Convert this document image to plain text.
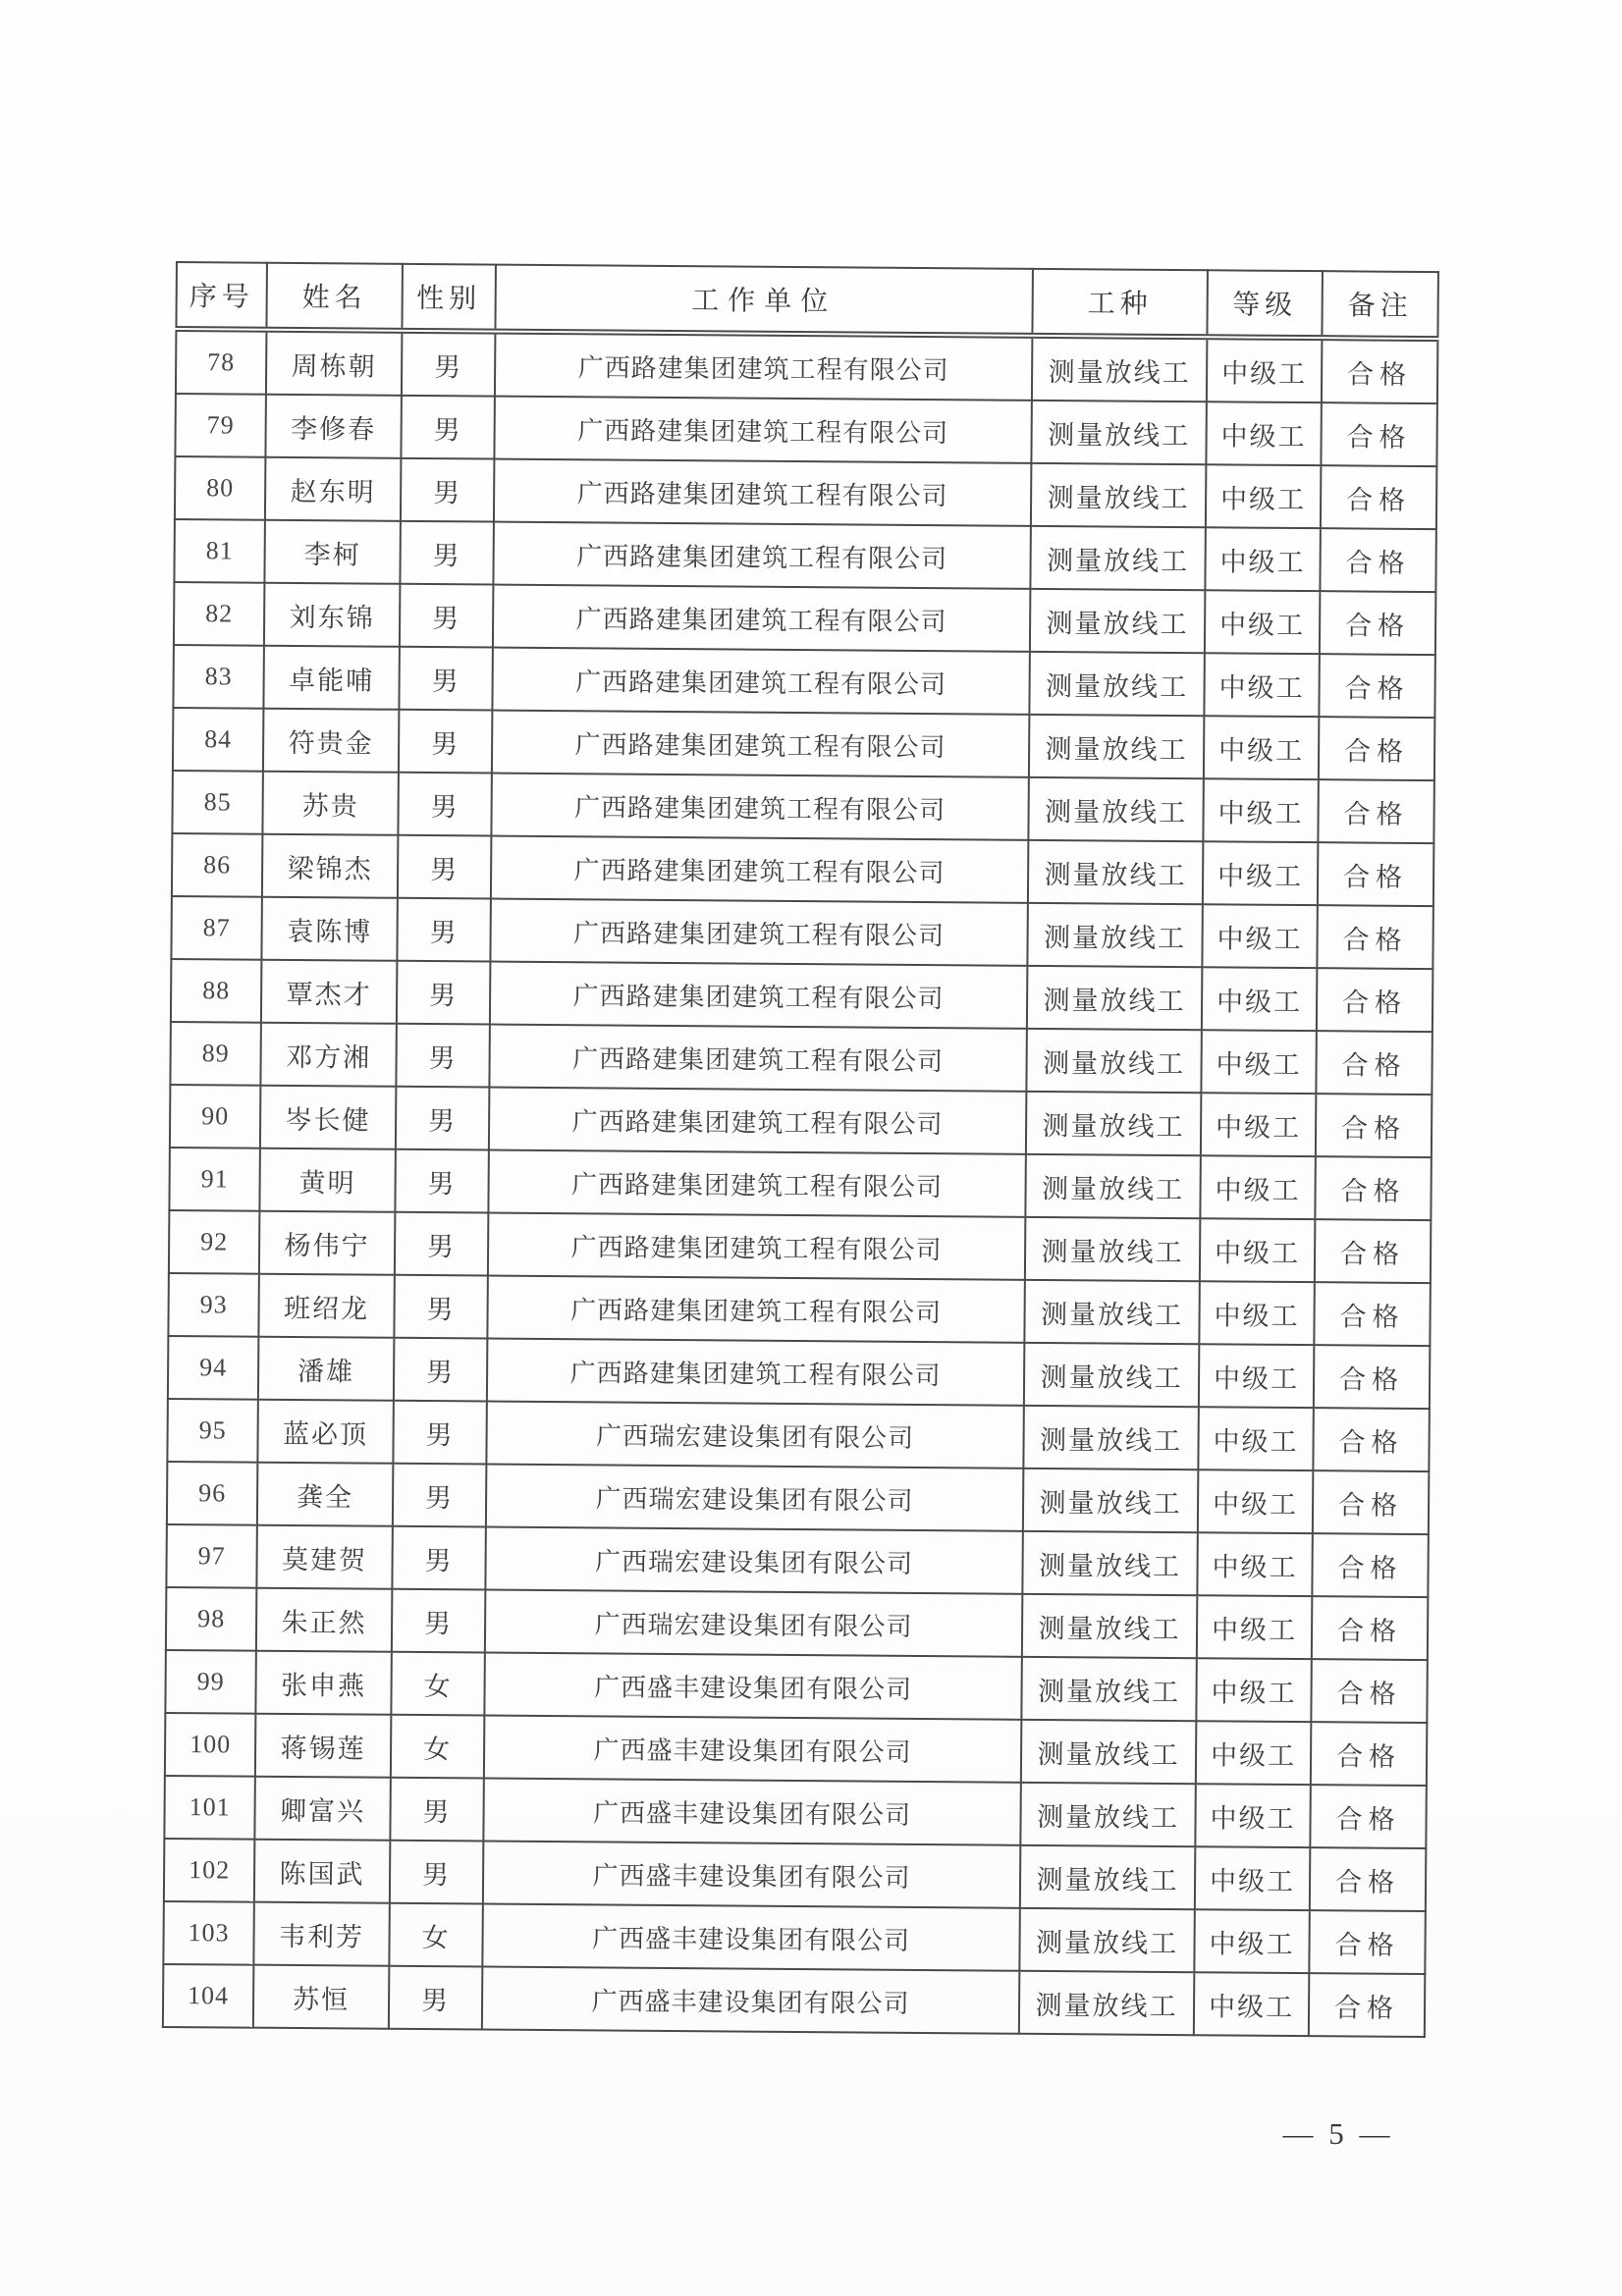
序号	姓名	性别	工作单位	工种	等级	备注
78	周栋朝	男	广西路建集团建筑工程有限公司	测量放线工	中级工	合格
79	李修春	男	广西路建集团建筑工程有限公司	测量放线工	中级工	合格
80	赵东明	男	广西路建集团建筑工程有限公司	测量放线工	中级工	合格
81	李柯	男	广西路建集团建筑工程有限公司	测量放线工	中级工	合格
82	刘东锦	男	广西路建集团建筑工程有限公司	测量放线工	中级工	合格
83	卓能哺	男	广西路建集团建筑工程有限公司	测量放线工	中级工	合格
84	符贵金	男	广西路建集团建筑工程有限公司	测量放线工	中级工	合格
85	苏贵	男	广西路建集团建筑工程有限公司	测量放线工	中级工	合格
86	梁锦杰	男	广西路建集团建筑工程有限公司	测量放线工	中级工	合格
87	袁陈博	男	广西路建集团建筑工程有限公司	测量放线工	中级工	合格
88	覃杰才	男	广西路建集团建筑工程有限公司	测量放线工	中级工	合格
89	邓方湘	男	广西路建集团建筑工程有限公司	测量放线工	中级工	合格
90	岑长健	男	广西路建集团建筑工程有限公司	测量放线工	中级工	合格
91	黄明	男	广西路建集团建筑工程有限公司	测量放线工	中级工	合格
92	杨伟宁	男	广西路建集团建筑工程有限公司	测量放线工	中级工	合格
93	班绍龙	男	广西路建集团建筑工程有限公司	测量放线工	中级工	合格
94	潘雄	男	广西路建集团建筑工程有限公司	测量放线工	中级工	合格
95	蓝必顶	男	广西瑞宏建设集团有限公司	测量放线工	中级工	合格
96	龚全	男	广西瑞宏建设集团有限公司	测量放线工	中级工	合格
97	莫建贺	男	广西瑞宏建设集团有限公司	测量放线工	中级工	合格
98	朱正然	男	广西瑞宏建设集团有限公司	测量放线工	中级工	合格
99	张申燕	女	广西盛丰建设集团有限公司	测量放线工	中级工	合格
100	蒋锡莲	女	广西盛丰建设集团有限公司	测量放线工	中级工	合格
101	卿富兴	男	广西盛丰建设集团有限公司	测量放线工	中级工	合格
102	陈国武	男	广西盛丰建设集团有限公司	测量放线工	中级工	合格
103	韦利芳	女	广西盛丰建设集团有限公司	测量放线工	中级工	合格
104	苏恒	男	广西盛丰建设集团有限公司	测量放线工	中级工	合格
— 5 —
